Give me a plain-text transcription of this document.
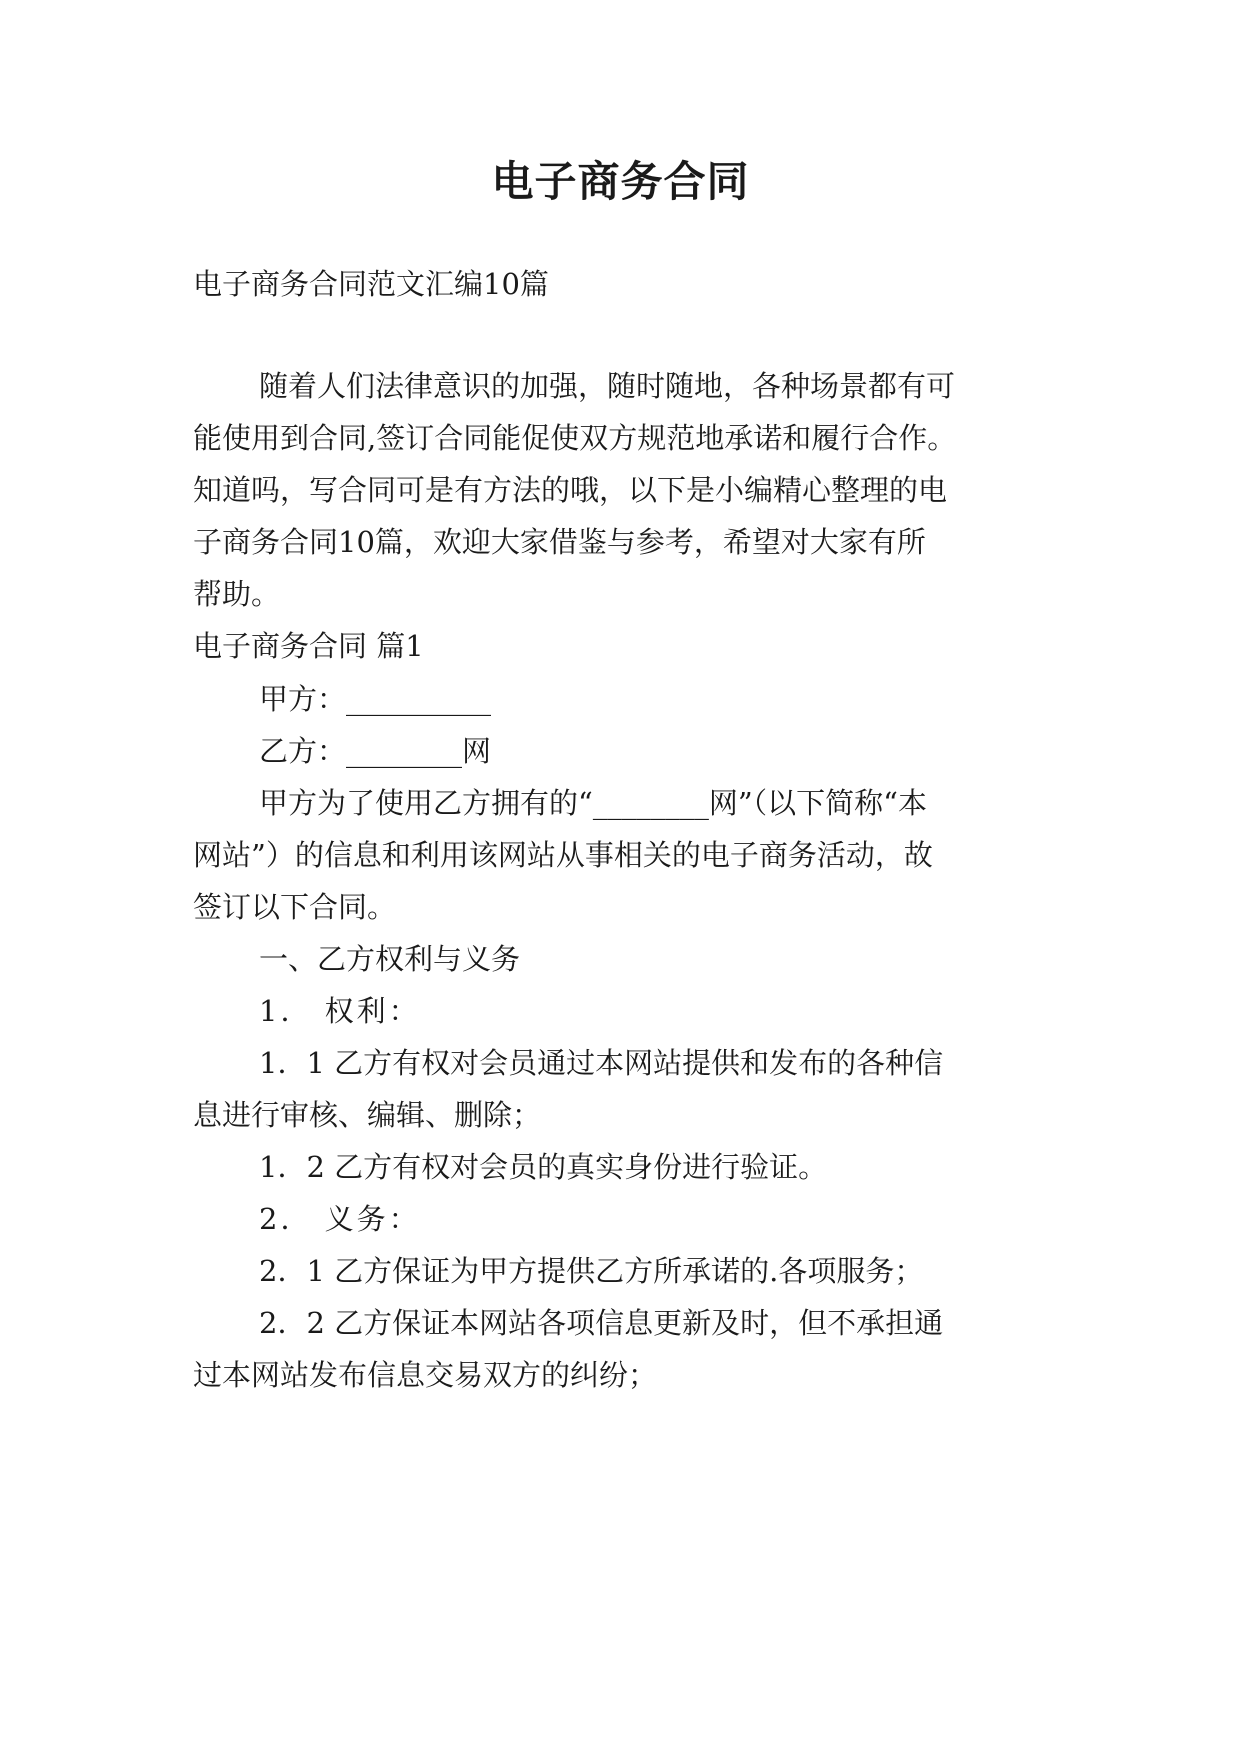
电子商务合同

电子商务合同范文汇编10篇

随着人们法律意识的加强，随时随地，各种场景都有可

能使用到合同,签订合同能促使双方规范地承诺和履行合作。

知道吗，写合同可是有方法的哦，以下是小编精心整理的电

子商务合同10篇，欢迎大家借鉴与参考，希望对大家有所

帮助。

电子商务合同 篇1

甲方：__________

乙方：________网

甲方为了使用乙方拥有的“________网”（以下简称“本

网站”）的信息和利用该网站从事相关的电子商务活动，故

签订以下合同。

一、乙方权利与义务

1． 权利：

1．1 乙方有权对会员通过本网站提供和发布的各种信

息进行审核、编辑、删除；

1．2 乙方有权对会员的真实身份进行验证。

2． 义务：

2．1 乙方保证为甲方提供乙方所承诺的.各项服务；

2．2 乙方保证本网站各项信息更新及时，但不承担通

过本网站发布信息交易双方的纠纷；
